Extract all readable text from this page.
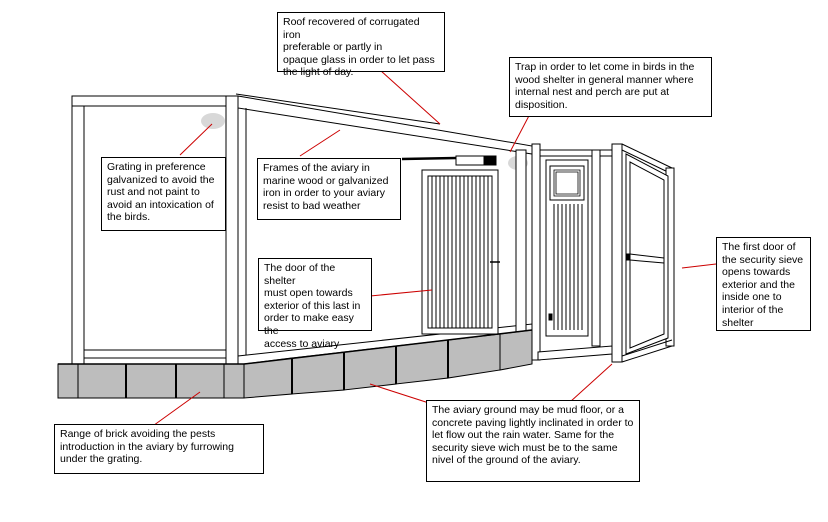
Roof recovered of corrugated iron
preferable or partly in
opaque glass in order to let pass
the light of day.	Trap in order to let come in birds in the
wood shelter in general manner where
internal nest and perch are put at
disposition.
Grating in preference
galvanized to avoid the
rust and not paint to
avoid an intoxication of
the birds.
Frames of the aviary in
marine wood or galvanized
iron in order to your aviary
resist to bad weather
The door of the shelter
must open towards
exterior of this last in
order to make easy the
access to aviary
The first door of
the security sieve
opens towards
exterior and the
inside one to
interior of the
shelter
Range of brick avoiding the pests
introduction in the aviary by furrowing
under the grating.
The aviary ground may be mud floor, or a
concrete paving lightly inclinated in order to
let flow out the rain water. Same for the
security sieve wich must be to the same
nivel of the ground of the aviary.
